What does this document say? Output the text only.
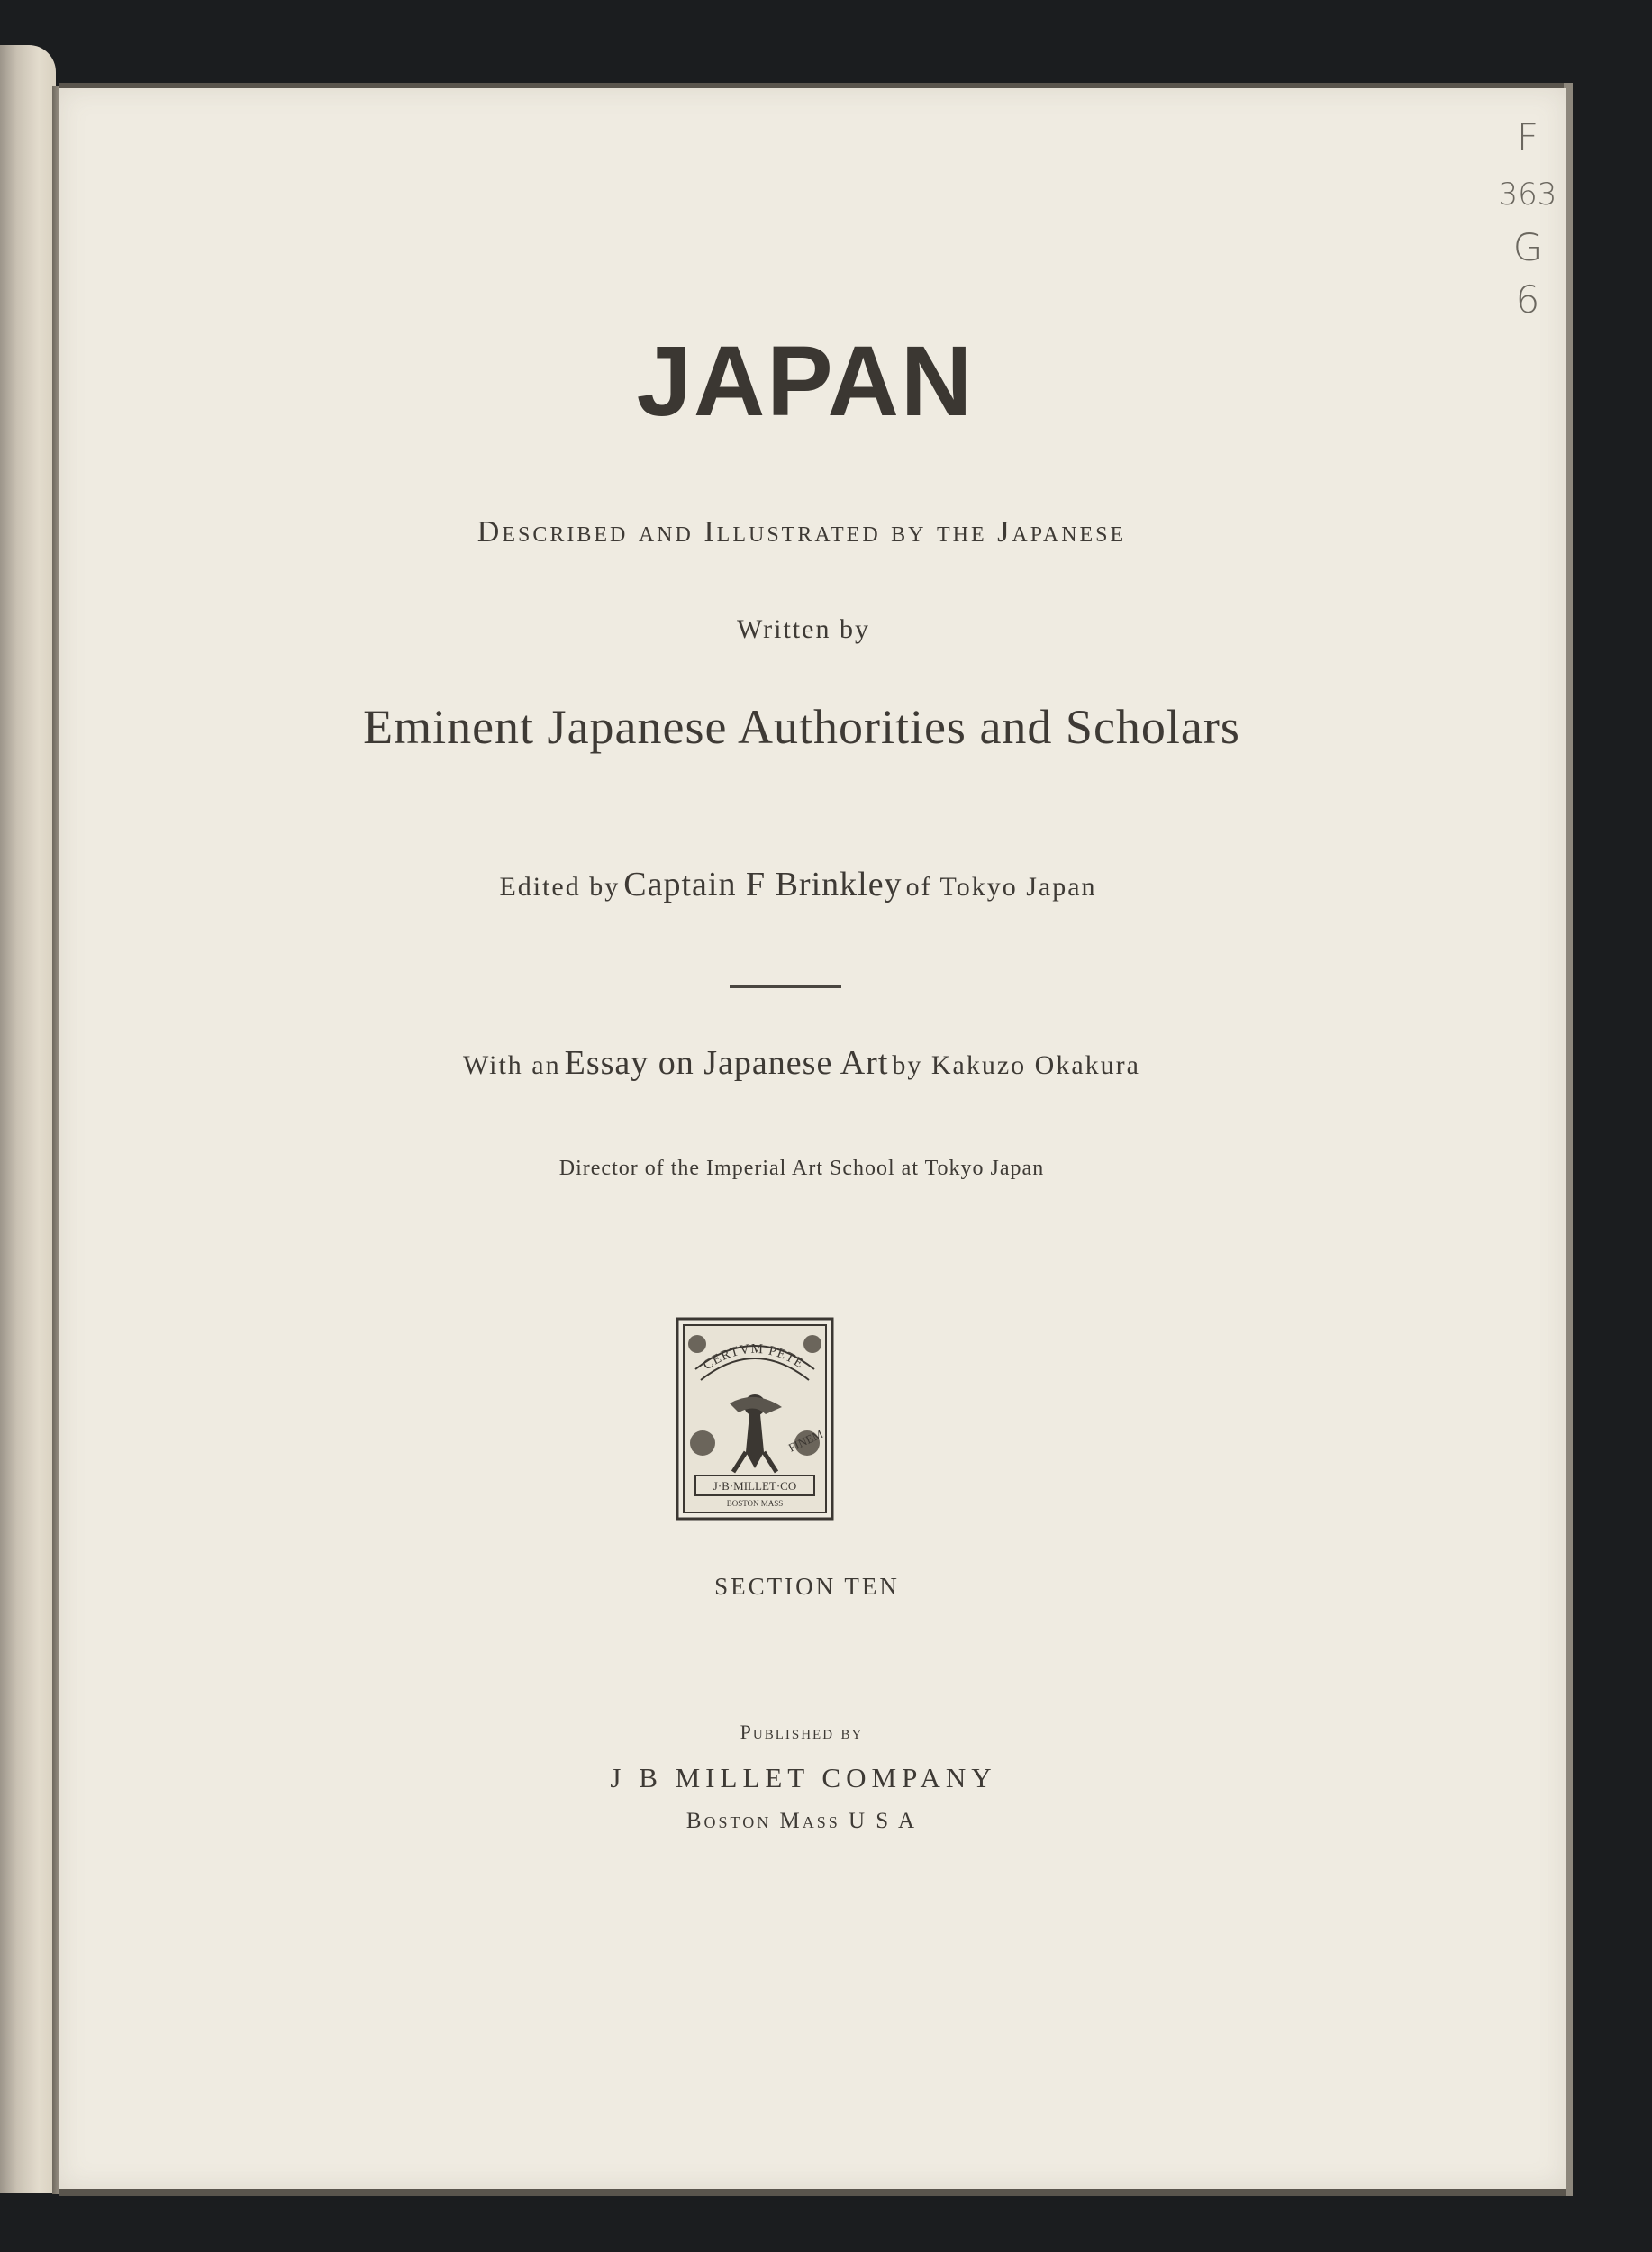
JAPAN
Described and Illustrated by the Japanese
Written by
Eminent Japanese Authorities and Scholars
Edited by Captain F Brinkley of Tokyo Japan
With an Essay on Japanese Art by Kakuzo Okakura
Director of the Imperial Art School at Tokyo Japan
CERTVM PETE
FINEM
J·B·MILLET·CO
BOSTON MASS
SECTION TEN
Published by
J B MILLET COMPANY
Boston Mass U S A
F
363
G
6
